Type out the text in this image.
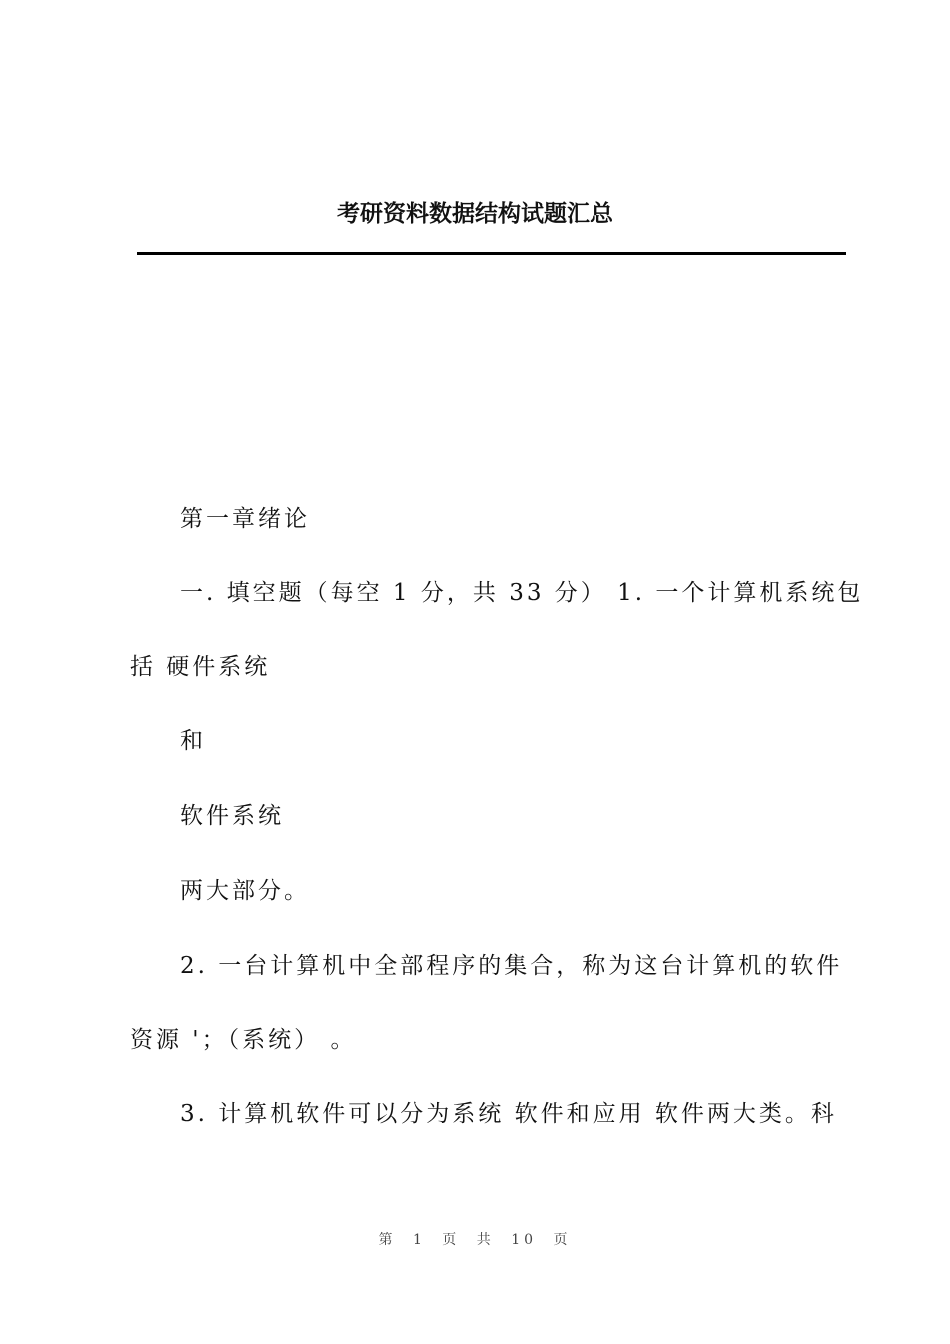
考研资料数据结构试题汇总

第一章绪论

一. 填空题（每空 1 分，共 33 分） 1. 一个计算机系统包

括 硬件系统

和

软件系统

两大部分。

2. 一台计算机中全部程序的集合，称为这台计算机的软件

资源 '；（系统） 。

3. 计算机软件可以分为系统 软件和应用 软件两大类。科

第 1 页 共 10 页
